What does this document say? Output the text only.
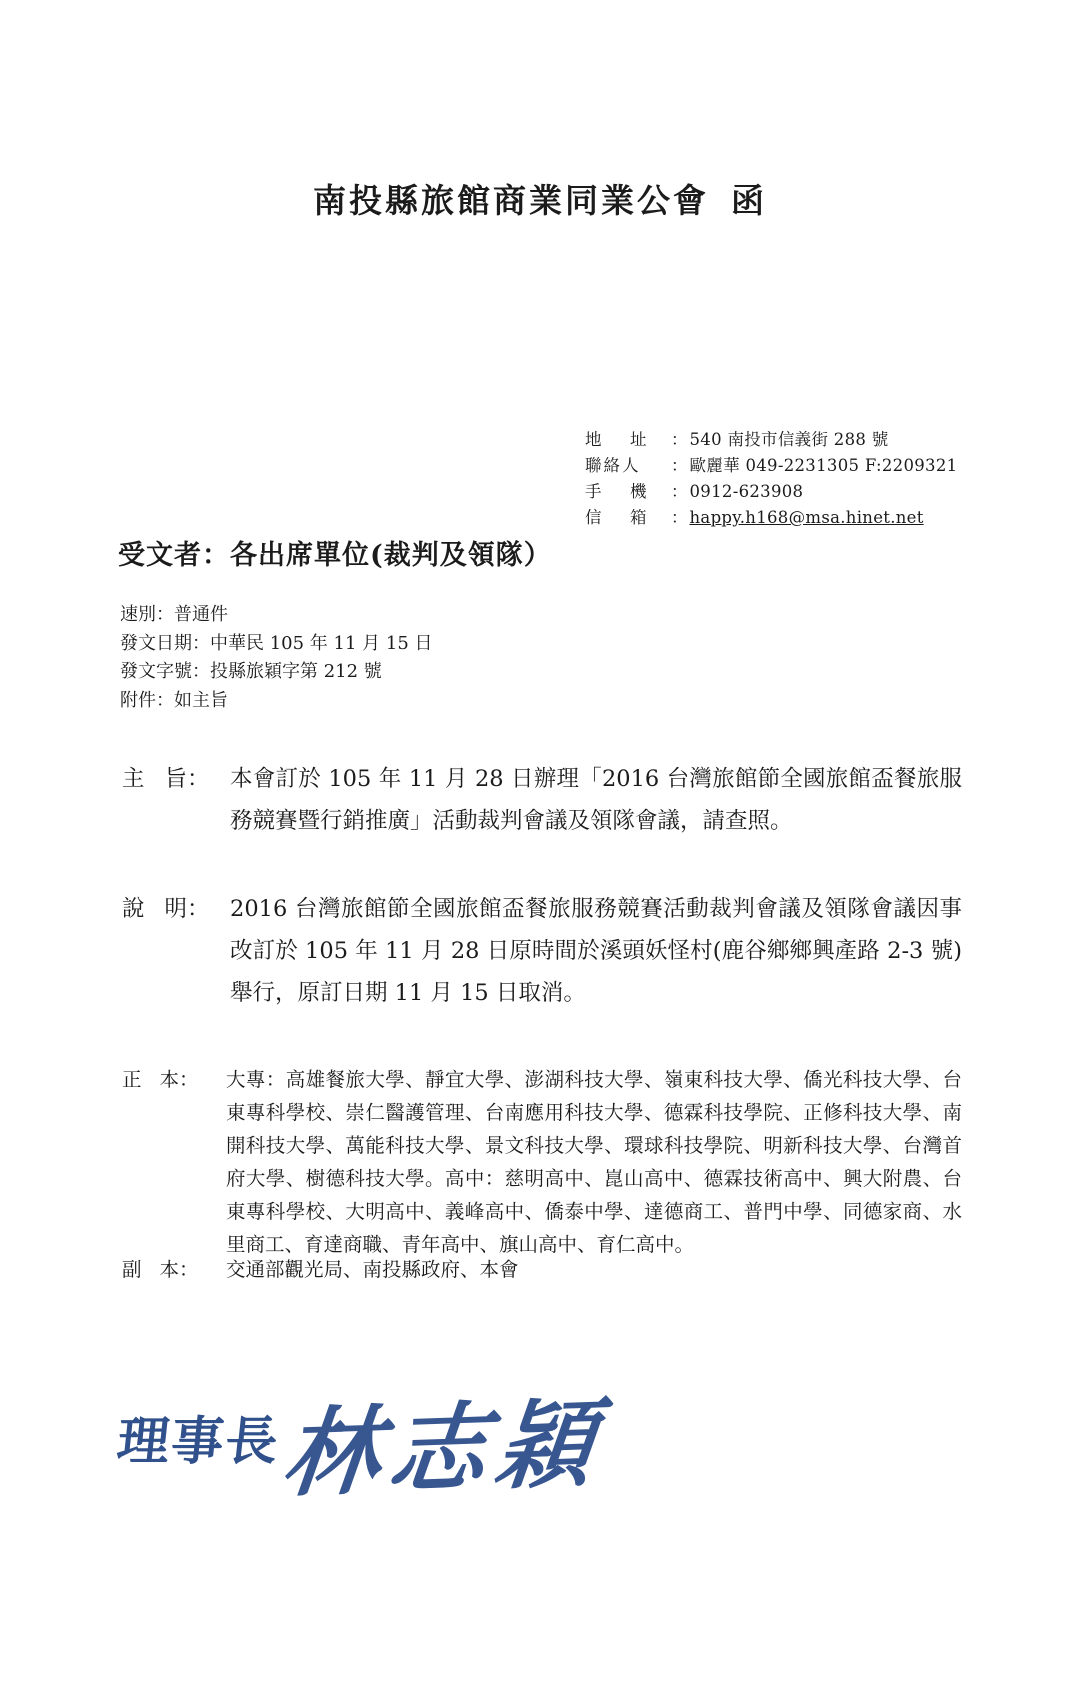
南投縣旅館商業同業公會 函
地　址 ： 540 南投市信義街 288 號
聯絡人 ： 歐麗華 049-2231305 F:2209321
手　機 ： 0912-623908
信　箱 ： happy.h168@msa.hinet.net
受文者：各出席單位(裁判及領隊）
速別：普通件
發文日期：中華民 105 年 11 月 15 日
發文字號：投縣旅穎字第 212 號
附件：如主旨
主旨： 本會訂於 105 年 11 月 28 日辦理「2016 台灣旅館節全國旅館盃餐旅服務競賽暨行銷推廣」活動裁判會議及領隊會議，請查照。
說明： 2016 台灣旅館節全國旅館盃餐旅服務競賽活動裁判會議及領隊會議因事改訂於 105 年 11 月 28 日原時間於溪頭妖怪村(鹿谷鄉鄉興產路 2-3 號)舉行，原訂日期 11 月 15 日取消。
正本：	大專：高雄餐旅大學、靜宜大學、澎湖科技大學、嶺東科技大學、僑光科技大學、台東專科學校、崇仁醫護管理、台南應用科技大學、德霖科技學院、正修科技大學、南開科技大學、萬能科技大學、景文科技大學、環球科技學院、明新科技大學、台灣首府大學、樹德科技大學。高中：慈明高中、崑山高中、德霖技術高中、興大附農、台東專科學校、大明高中、義峰高中、僑泰中學、達德商工、普門中學、同德家商、水里商工、育達商職、青年高中、旗山高中、育仁高中。
副本：	交通部觀光局、南投縣政府、本會
理事長
林志穎
